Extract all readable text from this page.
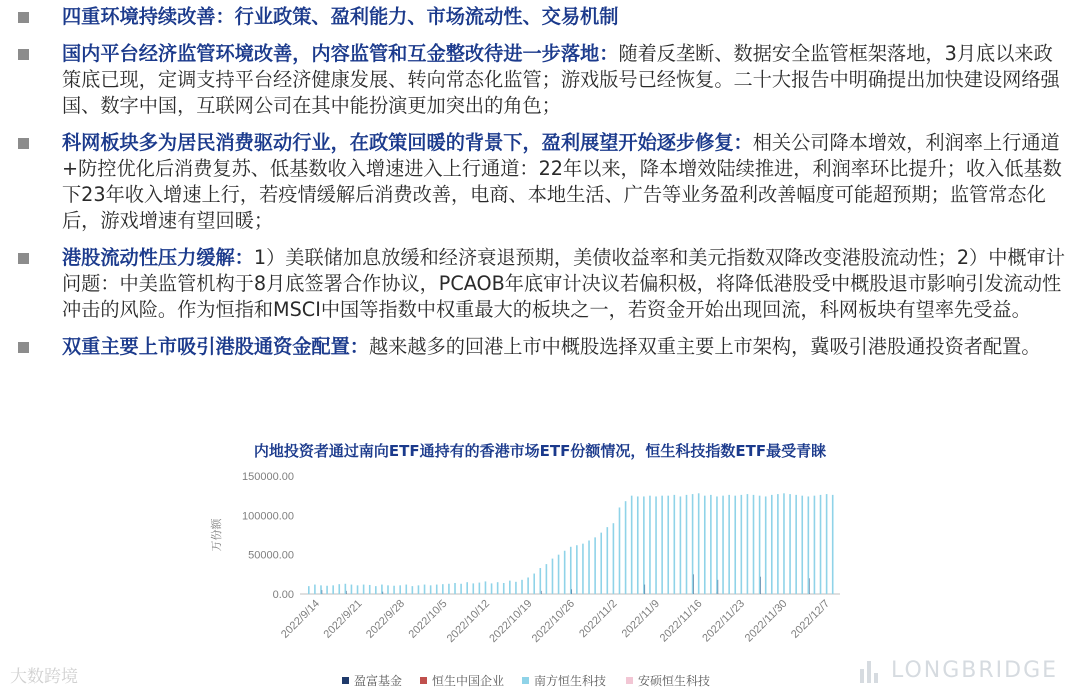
四重环境持续改善：行业政策、盈利能力、市场流动性、交易机制
国内平台经济监管环境改善，内容监管和互金整改待进一步落地：随着反垄断、数据安全监管框架落地，3月底以来政策底已现，定调支持平台经济健康发展、转向常态化监管；游戏版号已经恢复。二十大报告中明确提出加快建设网络强国、数字中国，互联网公司在其中能扮演更加突出的角色；
科网板块多为居民消费驱动行业，在政策回暖的背景下，盈利展望开始逐步修复：相关公司降本增效，利润率上行通道+防控优化后消费复苏、低基数收入增速进入上行通道：22年以来，降本增效陆续推进，利润率环比提升；收入低基数下23年收入增速上行，若疫情缓解后消费改善，电商、本地生活、广告等业务盈利改善幅度可能超预期；监管常态化后，游戏增速有望回暖；
港股流动性压力缓解：1）美联储加息放缓和经济衰退预期，美债收益率和美元指数双降改变港股流动性；2）中概审计问题：中美监管机构于8月底签署合作协议，PCAOB年底审计决议若偏积极，将降低港股受中概股退市影响引发流动性冲击的风险。作为恒指和MSCI中国等指数中权重最大的板块之一，若资金开始出现回流，科网板块有望率先受益。
双重主要上市吸引港股通资金配置：越来越多的回港上市中概股选择双重主要上市架构，冀吸引港股通投资者配置。
内地投资者通过南向ETF通持有的香港市场ETF份额情况，恒生科技指数ETF最受青睐
0.00
50000.00
100000.00
150000.00
万份额
2022/9/14 2022/9/21 2022/9/28 2022/10/5
2022/10/12
2022/10/19
2022/10/26 2022/11/2 2022/11/9
2022/11/16
2022/11/23
2022/11/30 2022/12/7
盈富基金 恒生中国企业 南方恒生科技	安硕恒生科技
大数跨境	LONGBRIDGE
